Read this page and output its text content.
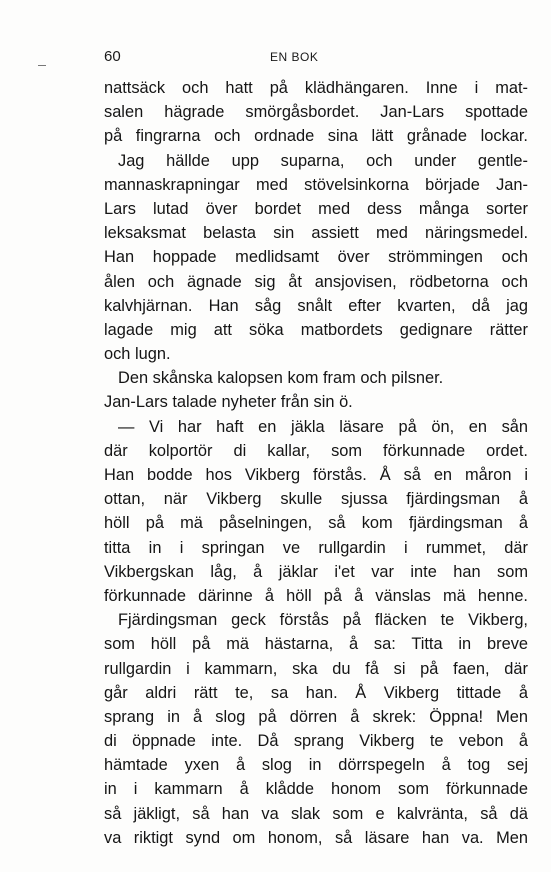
60	EN BOK
nattsäck och hatt på klädhängaren. Inne i mat-
salen hägrade smörgåsbordet. Jan-Lars spottade
på fingrarna och ordnade sina lätt grånade lockar.
Jag hällde upp suparna, och under gentle-
mannaskrapningar med stövelsinkorna började Jan-
Lars lutad över bordet med dess många sorter
leksaksmat belasta sin assiett med näringsmedel.
Han hoppade medlidsamt över strömmingen och
ålen och ägnade sig åt ansjovisen, rödbetorna och
kalvhjärnan. Han såg snålt efter kvarten, då jag
lagade mig att söka matbordets gedignare rätter
och lugn.
Den skånska kalopsen kom fram och pilsner.
Jan-Lars talade nyheter från sin ö.
— Vi har haft en jäkla läsare på ön, en sån
där kolportör di kallar, som förkunnade ordet.
Han bodde hos Vikberg förstås. Å så en måron i
ottan, när Vikberg skulle sjussa fjärdingsman å
höll på mä påselningen, så kom fjärdingsman å
titta in i springan ve rullgardin i rummet, där
Vikbergskan låg, å jäklar i'et var inte han som
förkunnade därinne å höll på å vänslas mä henne.
Fjärdingsman geck förstås på fläcken te Vikberg,
som höll på mä hästarna, å sa: Titta in breve
rullgardin i kammarn, ska du få si på faen, där
går aldri rätt te, sa han. Å Vikberg tittade å
sprang in å slog på dörren å skrek: Öppna! Men
di öppnade inte. Då sprang Vikberg te vebon å
hämtade yxen å slog in dörrspegeln å tog sej
in i kammarn å klådde honom som förkunnade
så jäkligt, så han va slak som e kalvränta, så dä
va riktigt synd om honom, så läsare han va. Men
